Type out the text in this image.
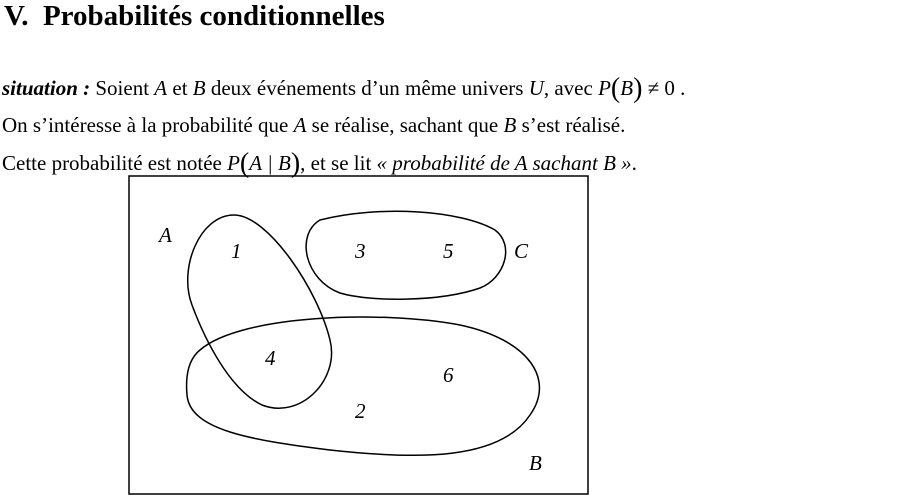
V. Probabilités conditionnelles
situation : Soient A et B deux événements d’un même univers U, avec P(B) ≠ 0 .
On s’intéresse à la probabilité que A se réalise, sachant que B s’est réalisé.
Cette probabilité est notée P(A | B), et se lit « probabilité de A sachant B ».
A
B
C
1
2
3
4
5
6
